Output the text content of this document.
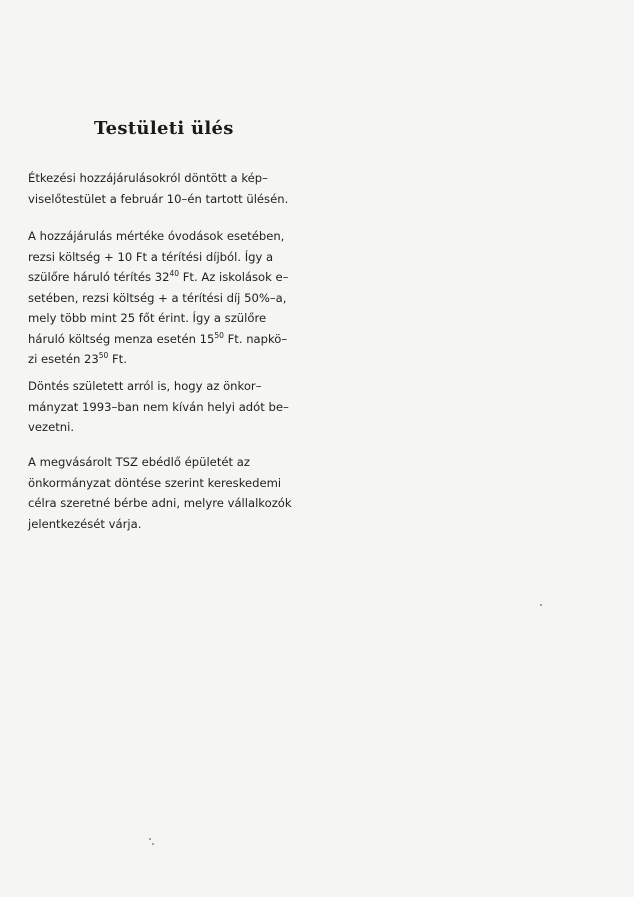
Testületi ülés
Étkezési hozzájárulásokról döntött a kép–
viselőtestület a február 10–én tartott ülésén.
A hozzájárulás mértéke óvodások esetében,
rezsi költség + 10 Ft a térítési díjból. Így a
szülőre háruló térítés $32^{40}$ Ft. Az iskolások e–
setében, rezsi költség + a térítési díj 50%–a,
mely több mint 25 főt érint. Így a szülőre
háruló költség menza esetén $15^{50}$ Ft. napkö–
zi esetén $23^{50}$ Ft.
Döntés született arról is, hogy az önkor–
mányzat 1993–ban nem kíván helyi adót be–
vezetni.
A megvásárolt TSZ ebédlő épületét az
önkormányzat döntése szerint kereskedemi
célra szeretné bérbe adni, melyre vállalkozók
jelentkezését várja.
